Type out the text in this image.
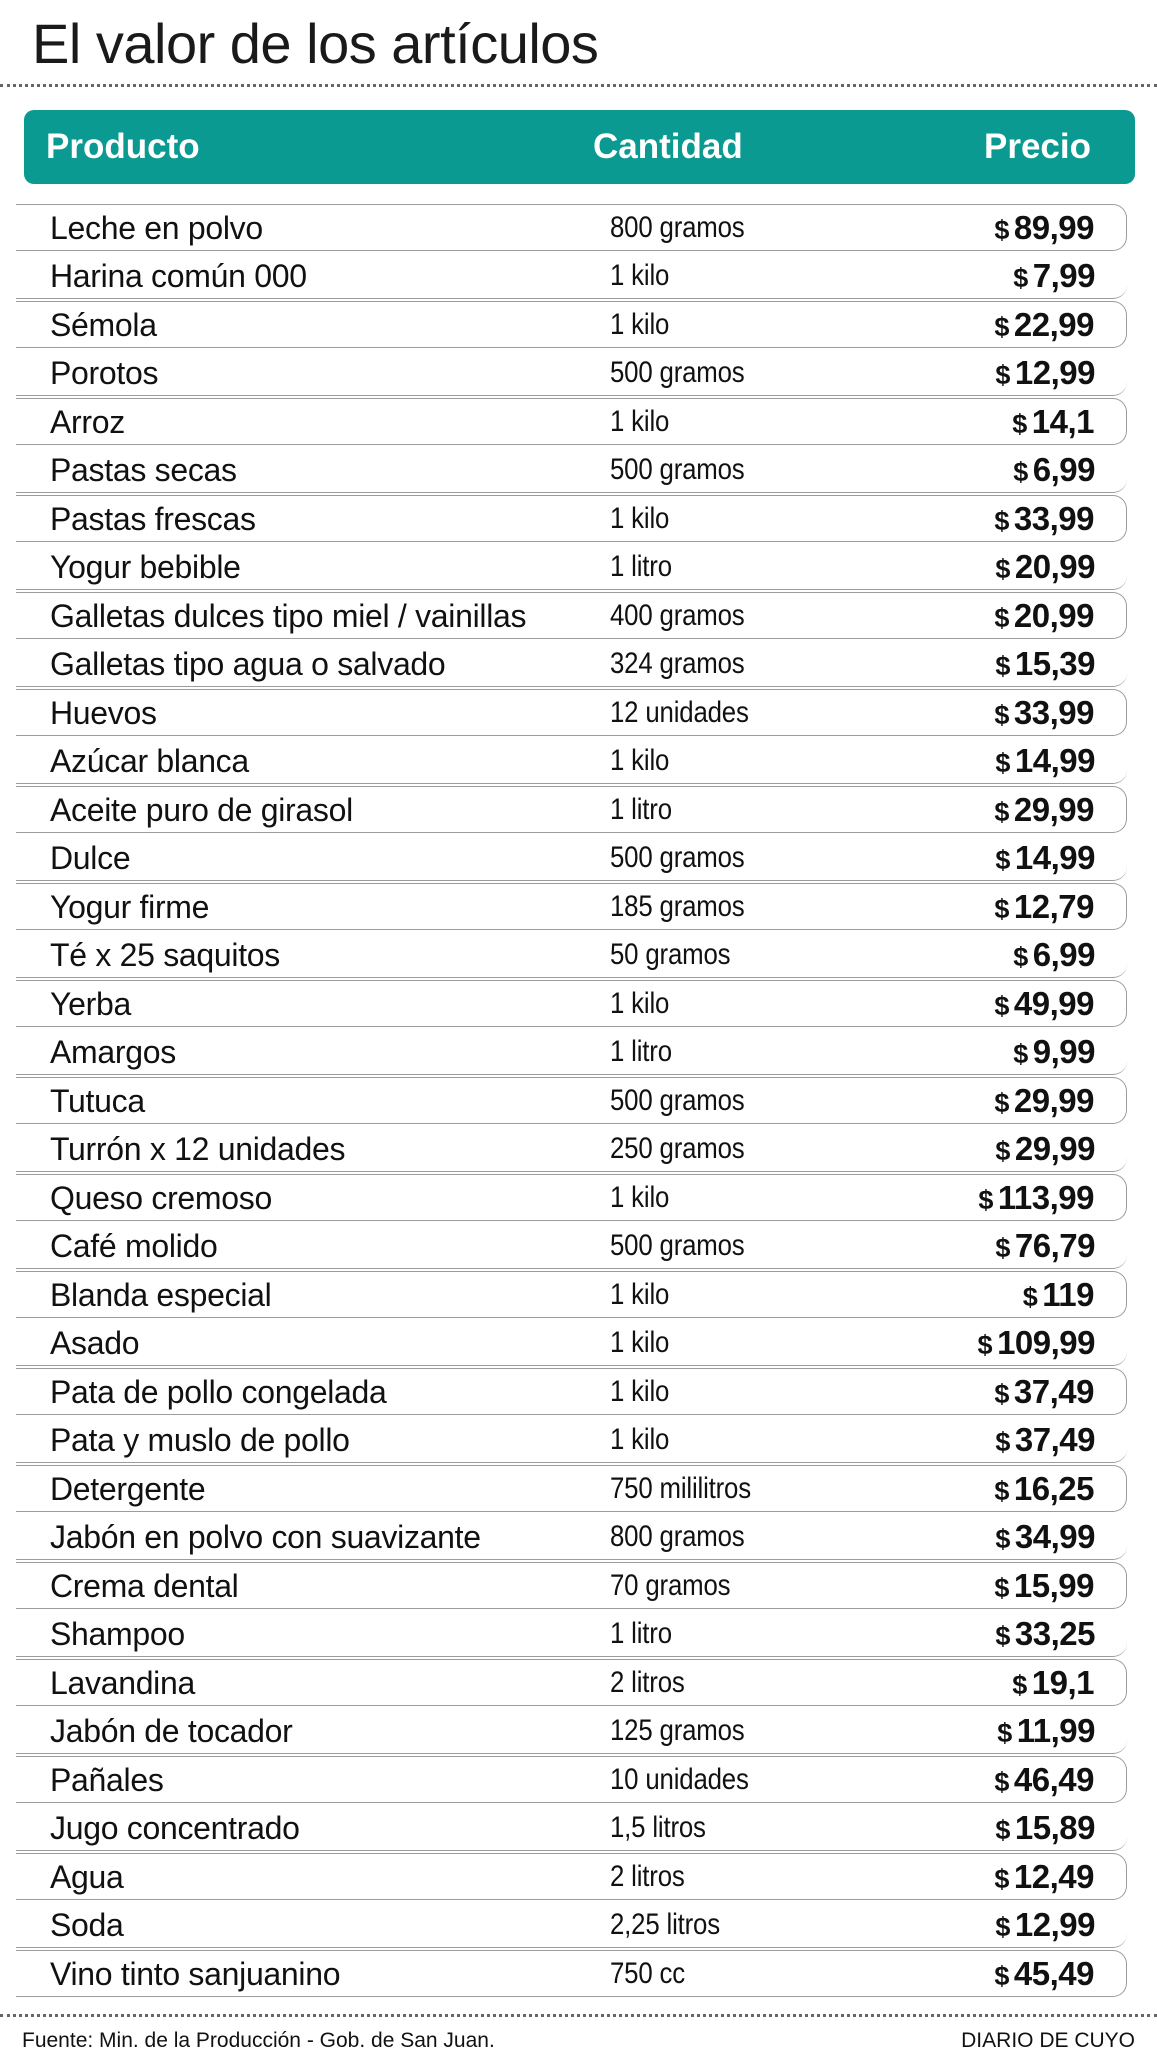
El valor de los artículos
Producto	Cantidad	Precio
Leche en polvo	800 gramos	$ 89,99
Harina común 000	1 kilo	$ 7,99
Sémola	1 kilo	$ 22,99
Porotos	500 gramos	$ 12,99
Arroz	1 kilo	$ 14,1
Pastas secas	500 gramos	$ 6,99
Pastas frescas	1 kilo	$ 33,99
Yogur bebible	1 litro	$ 20,99
Galletas dulces tipo miel / vainillas	400 gramos	$ 20,99
Galletas tipo agua o salvado	324 gramos	$ 15,39
Huevos	12 unidades	$ 33,99
Azúcar blanca	1 kilo	$ 14,99
Aceite puro de girasol	1 litro	$ 29,99
Dulce	500 gramos	$ 14,99
Yogur firme	185 gramos	$ 12,79
Té x 25 saquitos	50 gramos	$ 6,99
Yerba	1 kilo	$ 49,99
Amargos	1 litro	$ 9,99
Tutuca	500 gramos	$ 29,99
Turrón x 12 unidades	250 gramos	$ 29,99
Queso cremoso	1 kilo	$ 113,99
Café molido	500 gramos	$ 76,79
Blanda especial	1 kilo	$ 119
Asado	1 kilo	$ 109,99
Pata de pollo congelada	1 kilo	$ 37,49
Pata y muslo de pollo	1 kilo	$ 37,49
Detergente	750 mililitros	$ 16,25
Jabón en polvo con suavizante	800 gramos	$ 34,99
Crema dental	70 gramos	$ 15,99
Shampoo	1 litro	$ 33,25
Lavandina	2 litros	$ 19,1
Jabón de tocador	125 gramos	$ 11,99
Pañales	10 unidades	$ 46,49
Jugo concentrado	1,5 litros	$ 15,89
Agua	2 litros	$ 12,49
Soda	2,25 litros	$ 12,99
Vino tinto sanjuanino	750 cc	$ 45,49
Fuente: Min. de la Producción - Gob. de San Juan.	DIARIO DE CUYO
